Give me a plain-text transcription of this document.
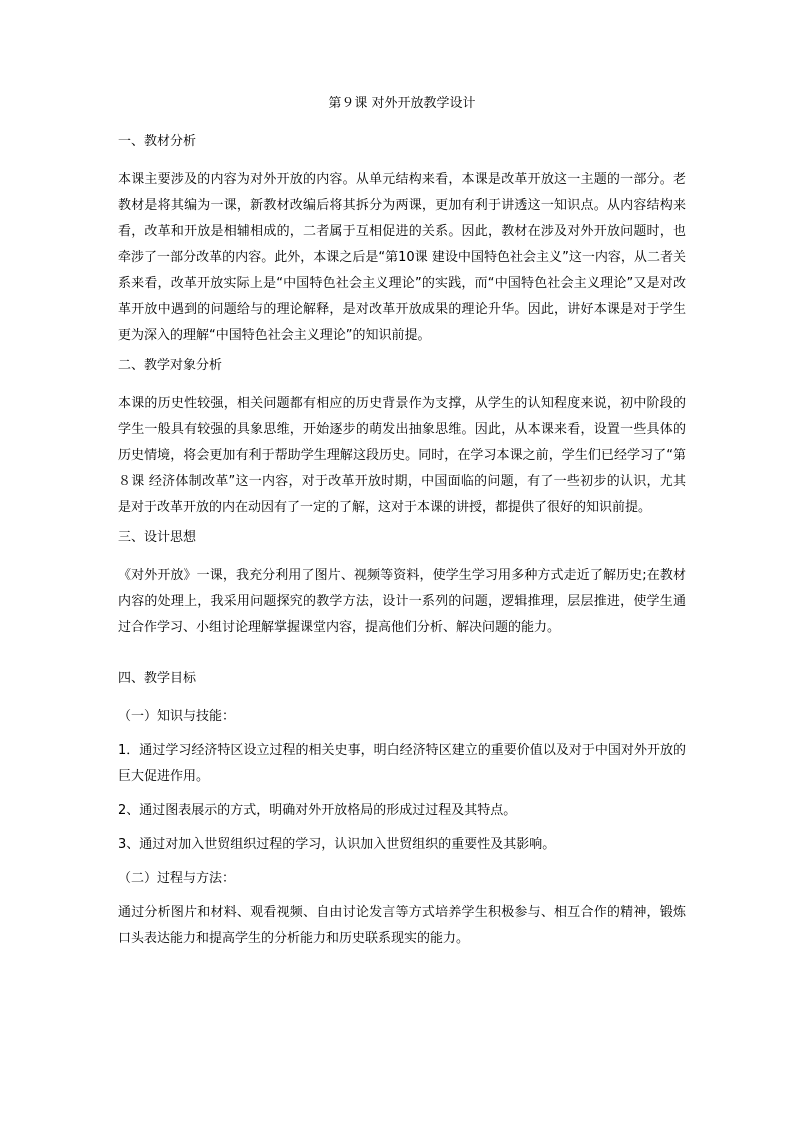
第９课 对外开放教学设计
一、教材分析

本课主要涉及的内容为对外开放的内容。从单元结构来看，本课是改革开放这一主题的一部分。老教材是将其编为一课，新教材改编后将其拆分为两课，更加有利于讲透这一知识点。从内容结构来看，改革和开放是相辅相成的，二者属于互相促进的关系。因此，教材在涉及对外开放问题时，也牵涉了一部分改革的内容。此外，本课之后是“第10课 建设中国特色社会主义”这一内容，从二者关系来看，改革开放实际上是“中国特色社会主义理论”的实践，而“中国特色社会主义理论”又是对改革开放中遇到的问题给与的理论解释，是对改革开放成果的理论升华。因此，讲好本课是对于学生更为深入的理解“中国特色社会主义理论”的知识前提。

二、教学对象分析

本课的历史性较强，相关问题都有相应的历史背景作为支撑，从学生的认知程度来说，初中阶段的学生一般具有较强的具象思维，开始逐步的萌发出抽象思维。因此，从本课来看，设置一些具体的历史情境，将会更加有利于帮助学生理解这段历史。同时，在学习本课之前，学生们已经学习了“第８课 经济体制改革”这一内容，对于改革开放时期，中国面临的问题，有了一些初步的认识，尤其是对于改革开放的内在动因有了一定的了解，这对于本课的讲授，都提供了很好的知识前提。

三、设计思想

《对外开放》一课，我充分利用了图片、视频等资料，使学生学习用多种方式走近了解历史;在教材内容的处理上，我采用问题探究的教学方法，设计一系列的问题，逻辑推理，层层推进，使学生通过合作学习、小组讨论理解掌握课堂内容，提高他们分析、解决问题的能力。

四、教学目标

（一）知识与技能：

1．通过学习经济特区设立过程的相关史事，明白经济特区建立的重要价值以及对于中国对外开放的巨大促进作用。

2、通过图表展示的方式，明确对外开放格局的形成过过程及其特点。

3、通过对加入世贸组织过程的学习，认识加入世贸组织的重要性及其影响。

（二）过程与方法：

通过分析图片和材料、观看视频、自由讨论发言等方式培养学生积极参与、相互合作的精神，锻炼口头表达能力和提高学生的分析能力和历史联系现实的能力。
